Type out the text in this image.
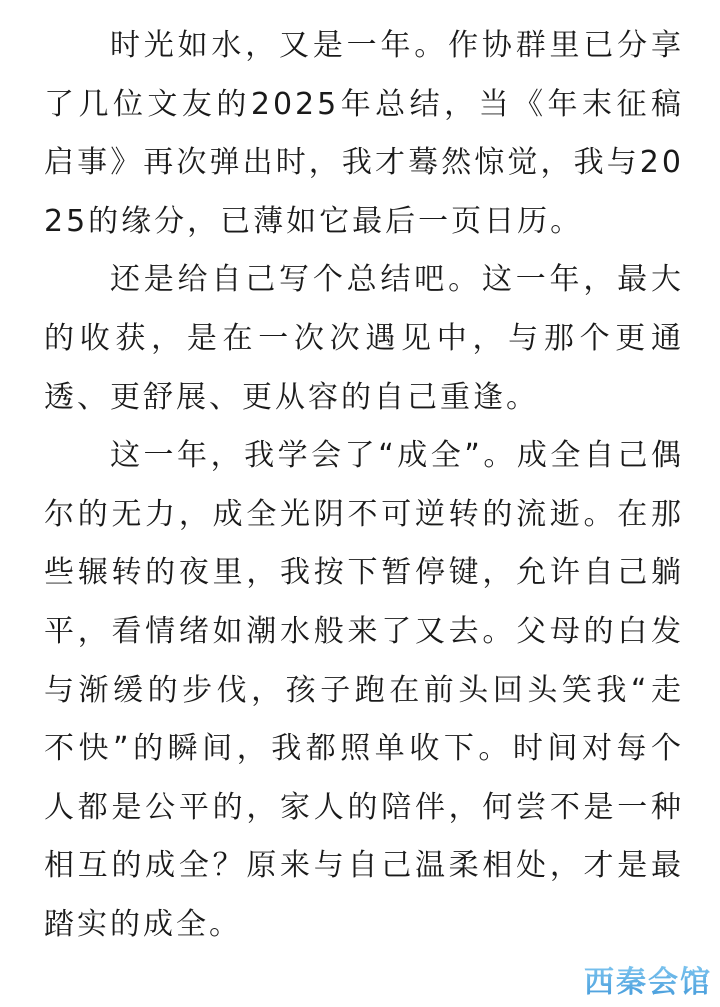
时光如水，又是一年。作协群里已分享了几位文友的2025年总结，当《年末征稿启事》再次弹出时，我才蓦然惊觉，我与2025的缘分，已薄如它最后一页日历。

还是给自己写个总结吧。这一年，最大的收获，是在一次次遇见中，与那个更通透、更舒展、更从容的自己重逢。

这一年，我学会了“成全”。成全自己偶尔的无力，成全光阴不可逆转的流逝。在那些辗转的夜里，我按下暂停键，允许自己躺平，看情绪如潮水般来了又去。父母的白发与渐缓的步伐，孩子跑在前头回头笑我“走不快”的瞬间，我都照单收下。时间对每个人都是公平的，家人的陪伴，何尝不是一种相互的成全？原来与自己温柔相处，才是最踏实的成全。

西秦会馆
